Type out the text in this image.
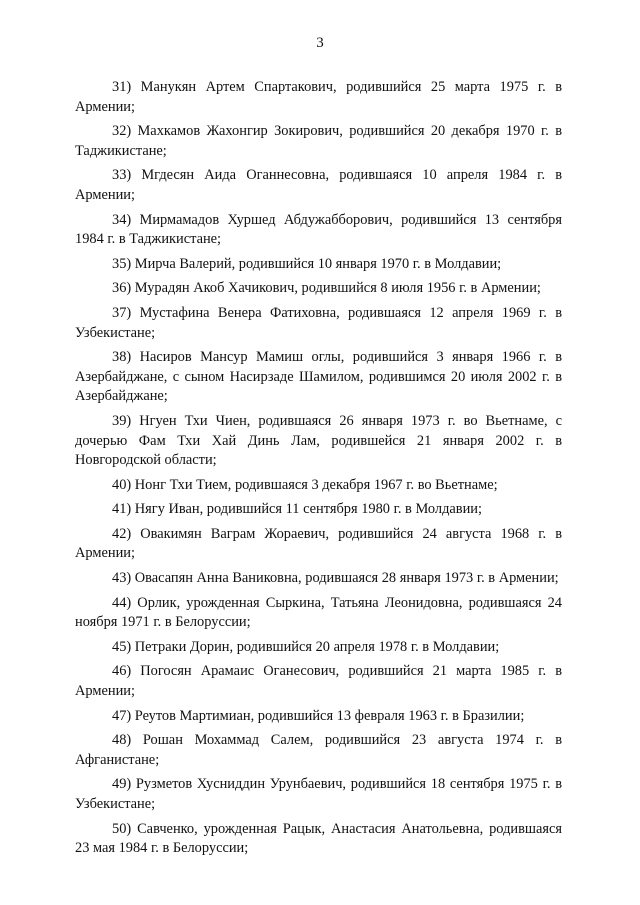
3

31) Манукян Артем Спартакович, родившийся 25 марта 1975 г. в Армении;

32) Махкамов Жахонгир Зокирович, родившийся 20 декабря 1970 г. в Таджикистане;

33) Мгдесян Аида Оганнесовна, родившаяся 10 апреля 1984 г. в Армении;

34) Мирмамадов Хуршед Абдужабборович, родившийся 13 сентября 1984 г. в Таджикистане;

35) Мирча Валерий, родившийся 10 января 1970 г. в Молдавии;

36) Мурадян Акоб Хачикович, родившийся 8 июля 1956 г. в Армении;

37) Мустафина Венера Фатиховна, родившаяся 12 апреля 1969 г. в Узбекистане;

38) Насиров Мансур Мамиш оглы, родившийся 3 января 1966 г. в Азербайджане, с сыном Насирзаде Шамилом, родившимся 20 июля 2002 г. в Азербайджане;

39) Нгуен Тхи Чиен, родившаяся 26 января 1973 г. во Вьетнаме, с дочерью Фам Тхи Хай Динь Лам, родившейся 21 января 2002 г. в Новгородской области;

40) Нонг Тхи Тием, родившаяся 3 декабря 1967 г. во Вьетнаме;

41) Нягу Иван, родившийся 11 сентября 1980 г. в Молдавии;

42) Овакимян Ваграм Жораевич, родившийся 24 августа 1968 г. в Армении;

43) Овасапян Анна Ваниковна, родившаяся 28 января 1973 г. в Армении;

44) Орлик, урожденная Сыркина, Татьяна Леонидовна, родившаяся 24 ноября 1971 г. в Белоруссии;

45) Петраки Дорин, родившийся 20 апреля 1978 г. в Молдавии;

46) Погосян Арамаис Оганесович, родившийся 21 марта 1985 г. в Армении;

47) Реутов Мартимиан, родившийся 13 февраля 1963 г. в Бразилии;

48) Рошан Мохаммад Салем, родившийся 23 августа 1974 г. в Афганистане;

49) Рузметов Хусниддин Урунбаевич, родившийся 18 сентября 1975 г. в Узбекистане;

50) Савченко, урожденная Рацык, Анастасия Анатольевна, родившаяся 23 мая 1984 г. в Белоруссии;
